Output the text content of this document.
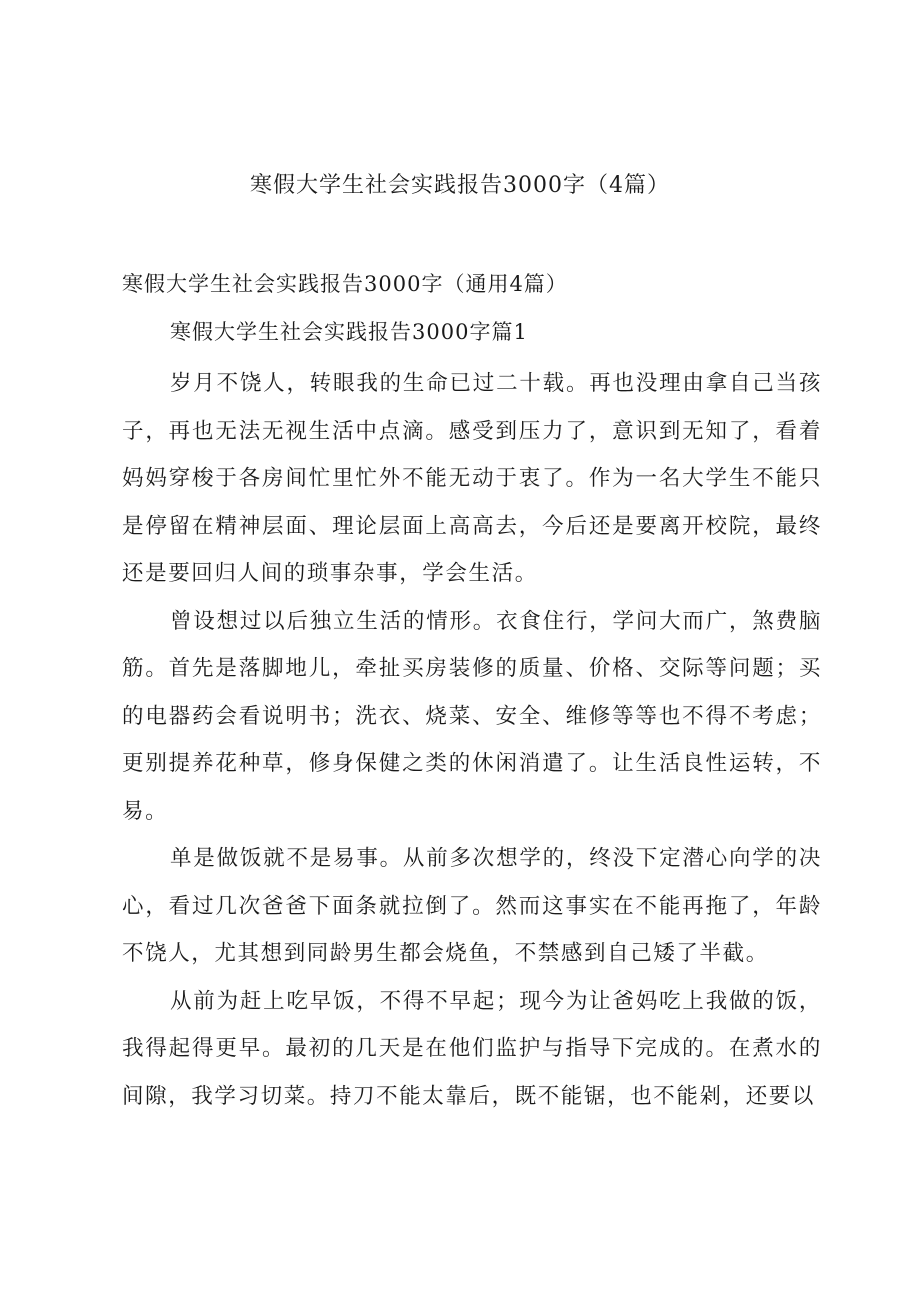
寒假大学生社会实践报告3000字（4篇）

寒假大学生社会实践报告3000字（通用4篇）

寒假大学生社会实践报告3000字篇1

岁月不饶人，转眼我的生命已过二十载。再也没理由拿自己当孩子，再也无法无视生活中点滴。感受到压力了，意识到无知了，看着妈妈穿梭于各房间忙里忙外不能无动于衷了。作为一名大学生不能只是停留在精神层面、理论层面上高高去，今后还是要离开校院，最终还是要回归人间的琐事杂事，学会生活。

曾设想过以后独立生活的情形。衣食住行，学问大而广，煞费脑筋。首先是落脚地儿，牵扯买房装修的质量、价格、交际等问题；买的电器药会看说明书；洗衣、烧菜、安全、维修等等也不得不考虑；更别提养花种草，修身保健之类的休闲消遣了。让生活良性运转，不易。

单是做饭就不是易事。从前多次想学的，终没下定潜心向学的决心，看过几次爸爸下面条就拉倒了。然而这事实在不能再拖了，年龄不饶人，尤其想到同龄男生都会烧鱼，不禁感到自己矮了半截。

从前为赶上吃早饭，不得不早起；现今为让爸妈吃上我做的饭，我得起得更早。最初的几天是在他们监护与指导下完成的。在煮水的间隙，我学习切菜。持刀不能太靠后，既不能锯，也不能剁，还要以
